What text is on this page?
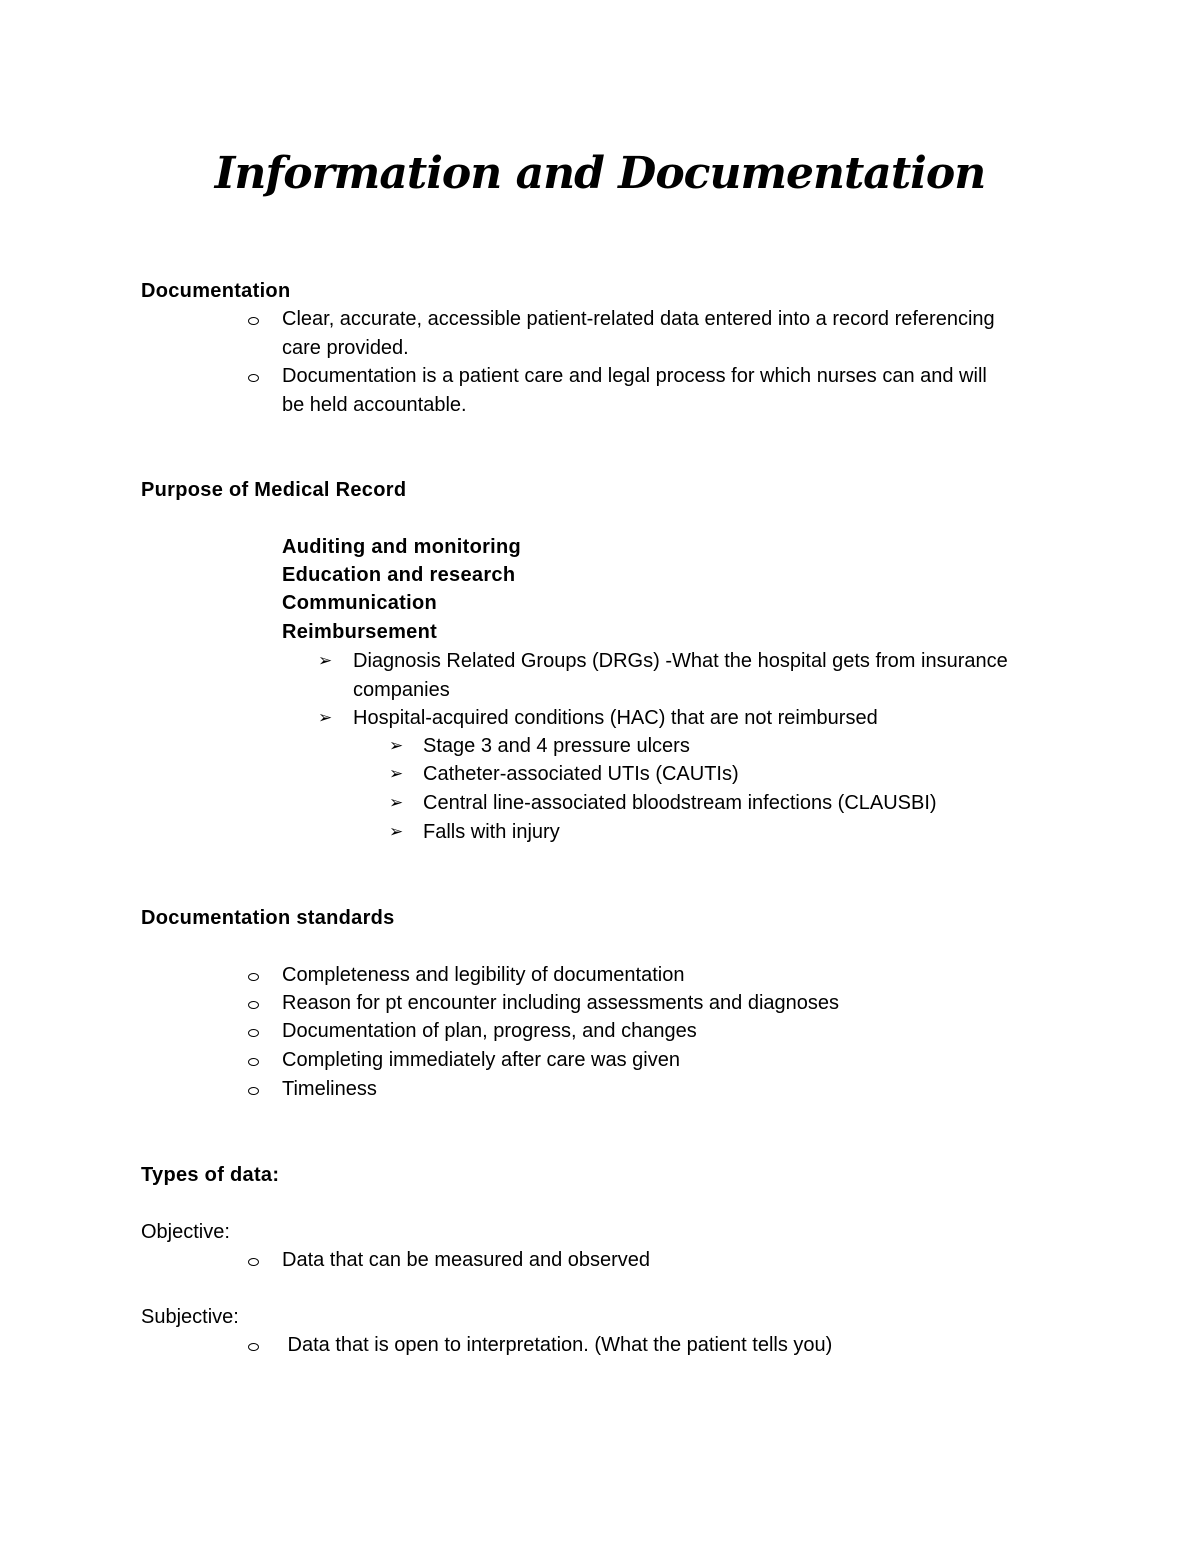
Information and Documentation
Documentation
Clear, accurate, accessible patient-related data entered into a record referencing
care provided.
Documentation is a patient care and legal process for which nurses can and will
be held accountable.
Purpose of Medical Record
Auditing and monitoring
Education and research
Communication
Reimbursement
➢ Diagnosis Related Groups (DRGs) -What the hospital gets from insurance
companies
➢ Hospital-acquired conditions (HAC) that are not reimbursed
➢ Stage 3 and 4 pressure ulcers
➢ Catheter-associated UTIs (CAUTIs)
➢ Central line-associated bloodstream infections (CLAUSBI)
➢ Falls with injury
Documentation standards
Completeness and legibility of documentation
Reason for pt encounter including assessments and diagnoses
Documentation of plan, progress, and changes
Completing immediately after care was given
Timeliness
Types of data:
Objective:
Data that can be measured and observed
Subjective:
Data that is open to interpretation. (What the patient tells you)
